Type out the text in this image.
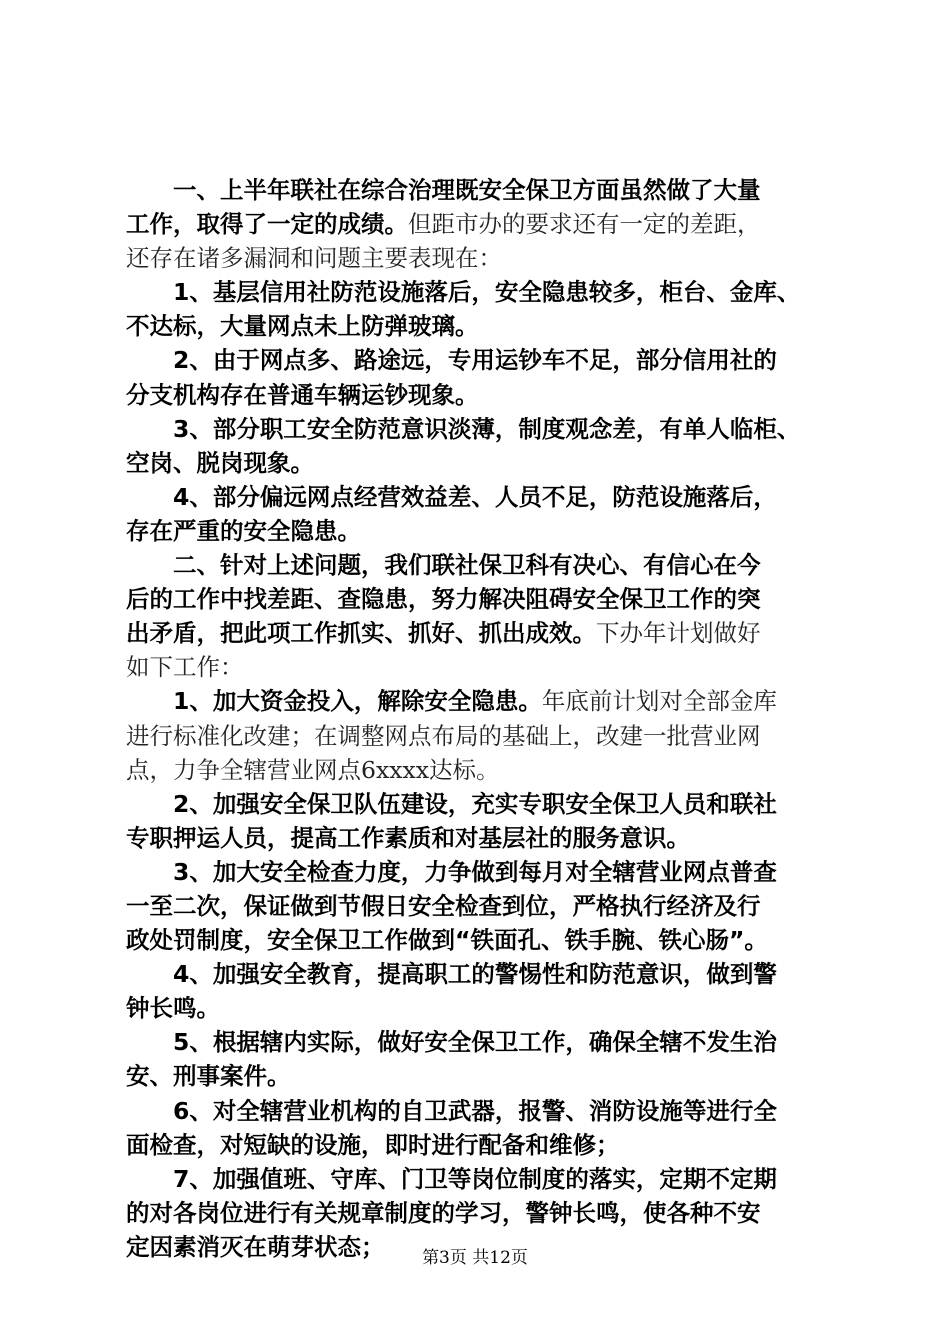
一、上半年联社在综合治理既安全保卫方面虽然做了大量
工作，取得了一定的成绩。但距市办的要求还有一定的差距，
还存在诸多漏洞和问题主要表现在：
1、基层信用社防范设施落后，安全隐患较多，柜台、金库、
不达标，大量网点未上防弹玻璃。
2、由于网点多、路途远，专用运钞车不足，部分信用社的
分支机构存在普通车辆运钞现象。
3、部分职工安全防范意识淡薄，制度观念差，有单人临柜、
空岗、脱岗现象。
4、部分偏远网点经营效益差、人员不足，防范设施落后，
存在严重的安全隐患。
二、针对上述问题，我们联社保卫科有决心、有信心在今
后的工作中找差距、查隐患，努力解决阻碍安全保卫工作的突
出矛盾，把此项工作抓实、抓好、抓出成效。下办年计划做好
如下工作：
1、加大资金投入，解除安全隐患。年底前计划对全部金库
进行标准化改建；在调整网点布局的基础上，改建一批营业网
点，力争全辖营业网点6xxxx达标。
2、加强安全保卫队伍建设，充实专职安全保卫人员和联社
专职押运人员，提高工作素质和对基层社的服务意识。
3、加大安全检查力度，力争做到每月对全辖营业网点普查
一至二次，保证做到节假日安全检查到位，严格执行经济及行
政处罚制度，安全保卫工作做到“铁面孔、铁手腕、铁心肠”。
4、加强安全教育，提高职工的警惕性和防范意识，做到警
钟长鸣。
5、根据辖内实际，做好安全保卫工作，确保全辖不发生治
安、刑事案件。
6、对全辖营业机构的自卫武器，报警、消防设施等进行全
面检查，对短缺的设施，即时进行配备和维修；
7、加强值班、守库、门卫等岗位制度的落实，定期不定期
的对各岗位进行有关规章制度的学习，警钟长鸣，使各种不安
定因素消灭在萌芽状态；	第3页 共12页
